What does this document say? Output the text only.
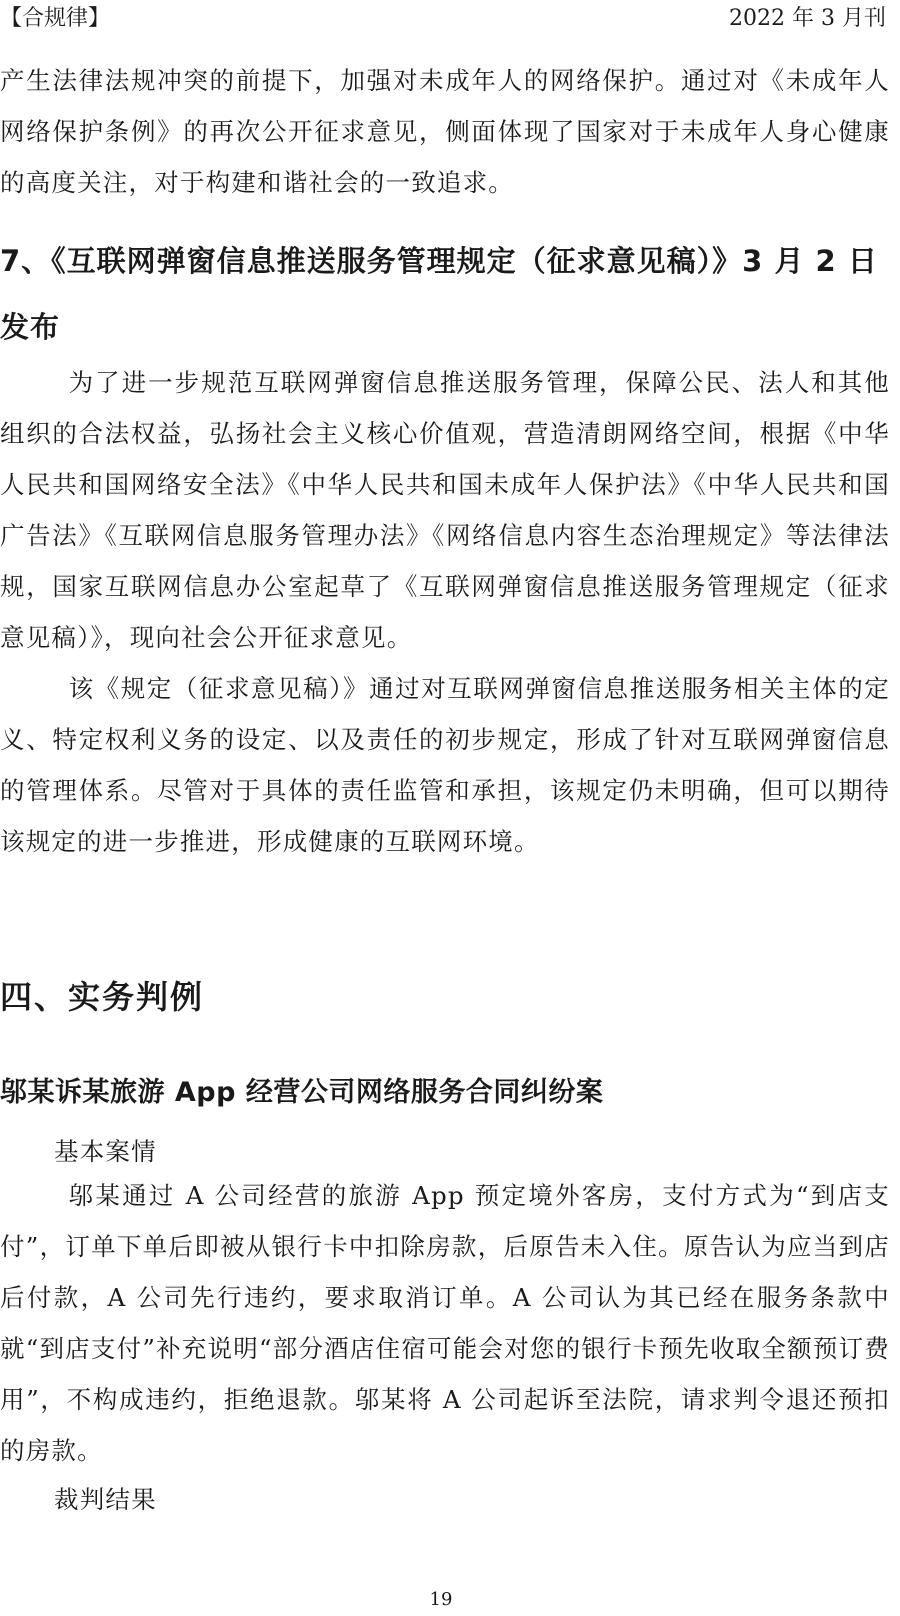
【合规律】	2022 年 3 月刊

产生法律法规冲突的前提下，加强对未成年人的网络保护。通过对《未成年人网络保护条例》的再次公开征求意见，侧面体现了国家对于未成年人身心健康的高度关注，对于构建和谐社会的一致追求。

7、《互联网弹窗信息推送服务管理规定（征求意见稿）》3 月 2 日发布

为了进一步规范互联网弹窗信息推送服务管理，保障公民、法人和其他组织的合法权益，弘扬社会主义核心价值观，营造清朗网络空间，根据《中华人民共和国网络安全法》《中华人民共和国未成年人保护法》《中华人民共和国广告法》《互联网信息服务管理办法》《网络信息内容生态治理规定》等法律法规，国家互联网信息办公室起草了《互联网弹窗信息推送服务管理规定（征求意见稿）》，现向社会公开征求意见。

该《规定（征求意见稿）》通过对互联网弹窗信息推送服务相关主体的定义、特定权利义务的设定、以及责任的初步规定，形成了针对互联网弹窗信息的管理体系。尽管对于具体的责任监管和承担，该规定仍未明确，但可以期待该规定的进一步推进，形成健康的互联网环境。

四、实务判例
邬某诉某旅游 App 经营公司网络服务合同纠纷案
基本案情

邬某通过 A 公司经营的旅游 App 预定境外客房，支付方式为“到店支付”，订单下单后即被从银行卡中扣除房款，后原告未入住。原告认为应当到店后付款，A 公司先行违约，要求取消订单。A 公司认为其已经在服务条款中就“到店支付”补充说明“部分酒店住宿可能会对您的银行卡预先收取全额预订费用”，不构成违约，拒绝退款。邬某将 A 公司起诉至法院，请求判令退还预扣的房款。

裁判结果
19
